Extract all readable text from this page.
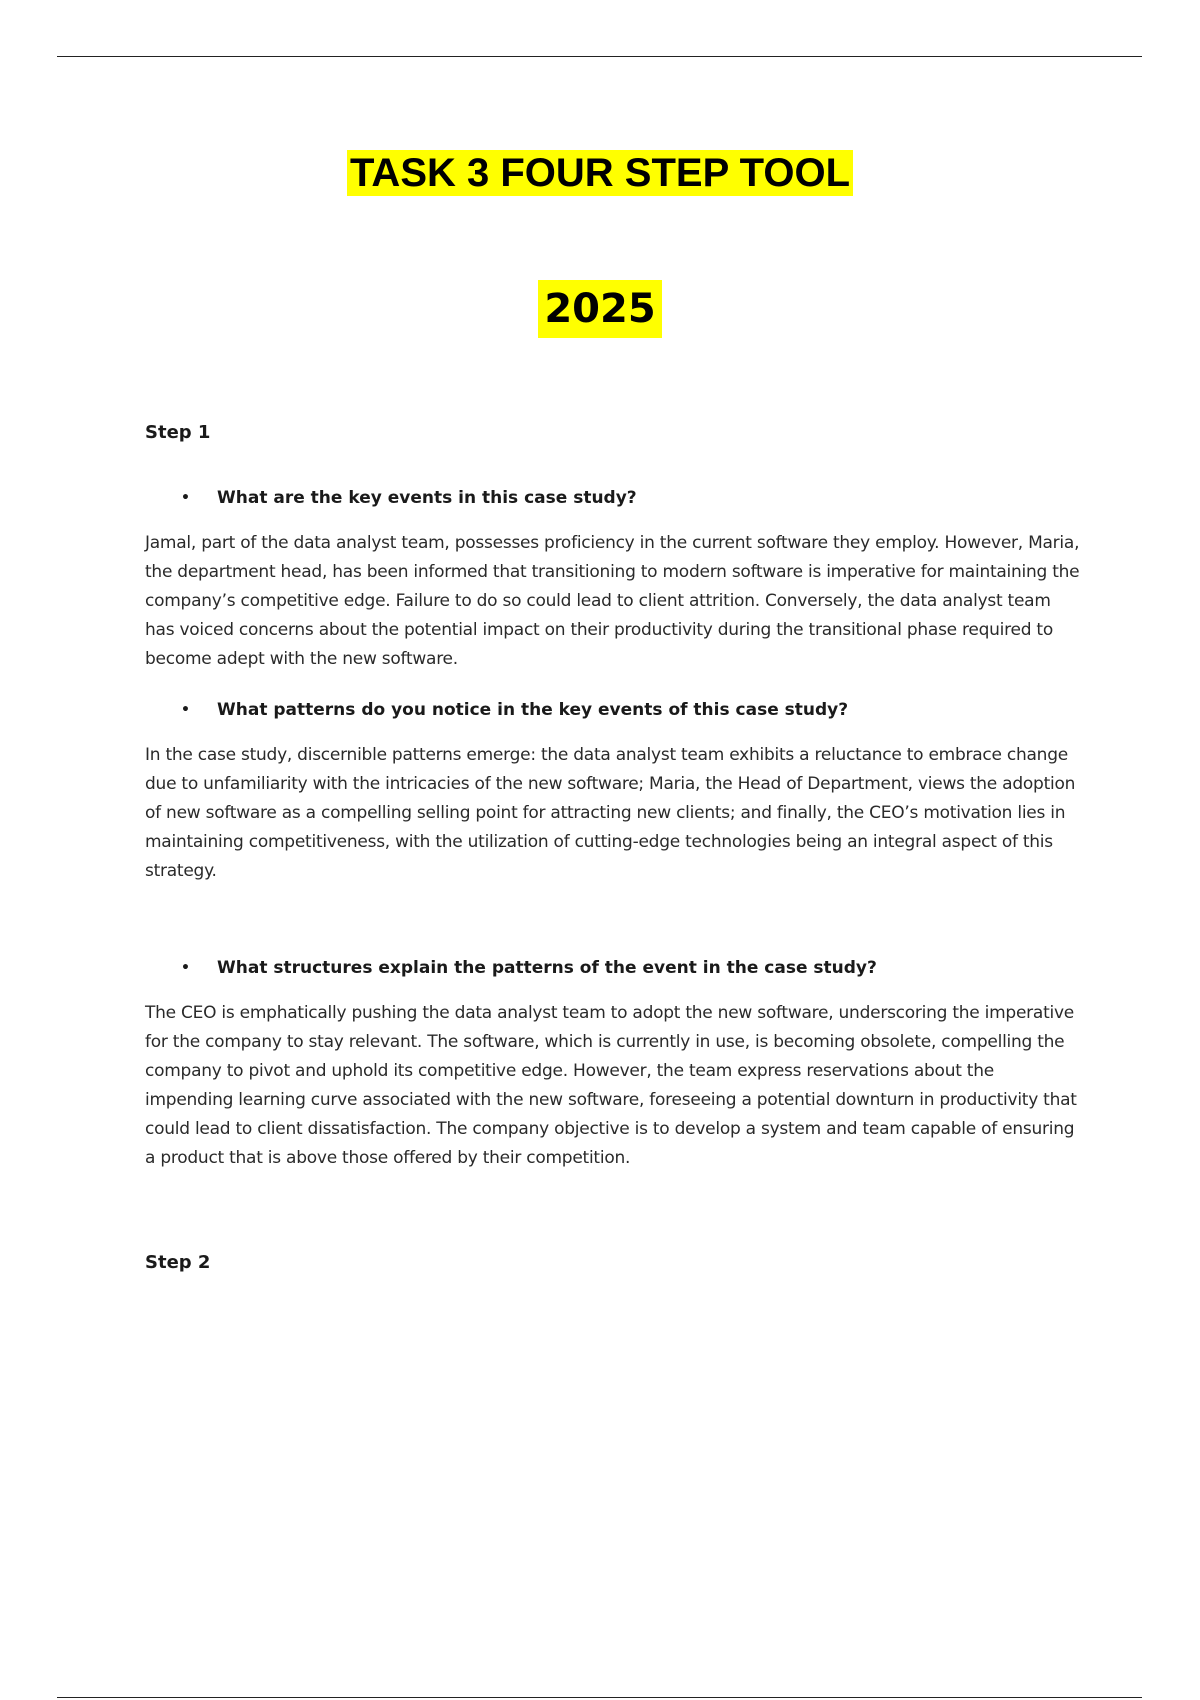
TASK 3 FOUR STEP TOOL
2025
Step 1
• What are the key events in this case study?
Jamal, part of the data analyst team, possesses proficiency in the current software they employ. However, Maria, the department head, has been informed that transitioning to modern software is imperative for maintaining the company’s competitive edge. Failure to do so could lead to client attrition. Conversely, the data analyst team has voiced concerns about the potential impact on their productivity during the transitional phase required to become adept with the new software.
• What patterns do you notice in the key events of this case study?
In the case study, discernible patterns emerge: the data analyst team exhibits a reluctance to embrace change due to unfamiliarity with the intricacies of the new software; Maria, the Head of Department, views the adoption of new software as a compelling selling point for attracting new clients; and finally, the CEO’s motivation lies in maintaining competitiveness, with the utilization of cutting-edge technologies being an integral aspect of this strategy.
• What structures explain the patterns of the event in the case study?
The CEO is emphatically pushing the data analyst team to adopt the new software, underscoring the imperative for the company to stay relevant. The software, which is currently in use, is becoming obsolete, compelling the company to pivot and uphold its competitive edge. However, the team express reservations about the impending learning curve associated with the new software, foreseeing a potential downturn in productivity that could lead to client dissatisfaction. The company objective is to develop a system and team capable of ensuring a product that is above those offered by their competition.
Step 2
